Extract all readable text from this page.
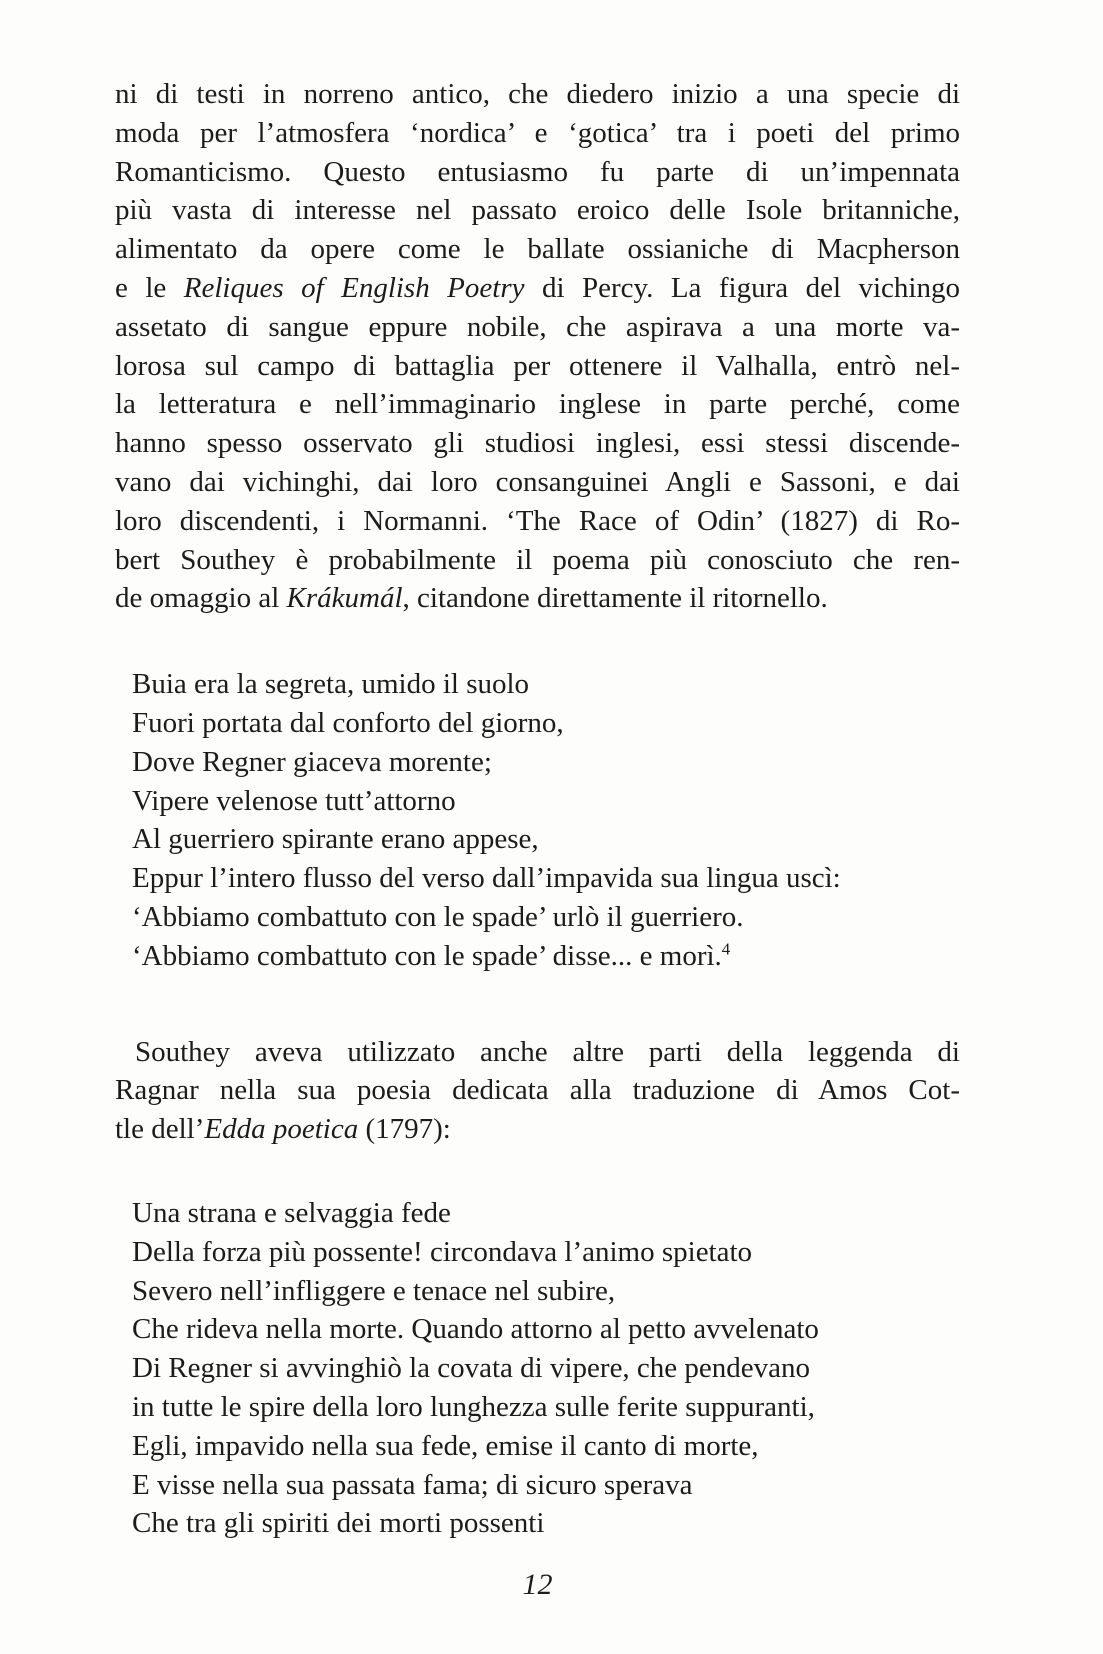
ni di testi in norreno antico, che diedero inizio a una specie di
moda per l’atmosfera ‘nordica’ e ‘gotica’ tra i poeti del primo
Romanticismo. Questo entusiasmo fu parte di un’impennata
più vasta di interesse nel passato eroico delle Isole britanniche,
alimentato da opere come le ballate ossianiche di Macpherson
e le Reliques of English Poetry di Percy. La figura del vichingo
assetato di sangue eppure nobile, che aspirava a una morte va-
lorosa sul campo di battaglia per ottenere il Valhalla, entrò nel-
la letteratura e nell’immaginario inglese in parte perché, come
hanno spesso osservato gli studiosi inglesi, essi stessi discende-
vano dai vichinghi, dai loro consanguinei Angli e Sassoni, e dai
loro discendenti, i Normanni. ‘The Race of Odin’ (1827) di Ro-
bert Southey è probabilmente il poema più conosciuto che ren-
de omaggio al Krákumál, citandone direttamente il ritornello.
Buia era la segreta, umido il suolo
Fuori portata dal conforto del giorno,
Dove Regner giaceva morente;
Vipere velenose tutt’attorno
Al guerriero spirante erano appese,
Eppur l’intero flusso del verso dall’impavida sua lingua uscì:
‘Abbiamo combattuto con le spade’ urlò il guerriero.
‘Abbiamo combattuto con le spade’ disse... e morì.$^4$
Southey aveva utilizzato anche altre parti della leggenda di
Ragnar nella sua poesia dedicata alla traduzione di Amos Cot-
tle dell’Edda poetica (1797):
Una strana e selvaggia fede
Della forza più possente! circondava l’animo spietato
Severo nell’infliggere e tenace nel subire,
Che rideva nella morte. Quando attorno al petto avvelenato
Di Regner si avvinghiò la covata di vipere, che pendevano
in tutte le spire della loro lunghezza sulle ferite suppuranti,
Egli, impavido nella sua fede, emise il canto di morte,
E visse nella sua passata fama; di sicuro sperava
Che tra gli spiriti dei morti possenti
12
